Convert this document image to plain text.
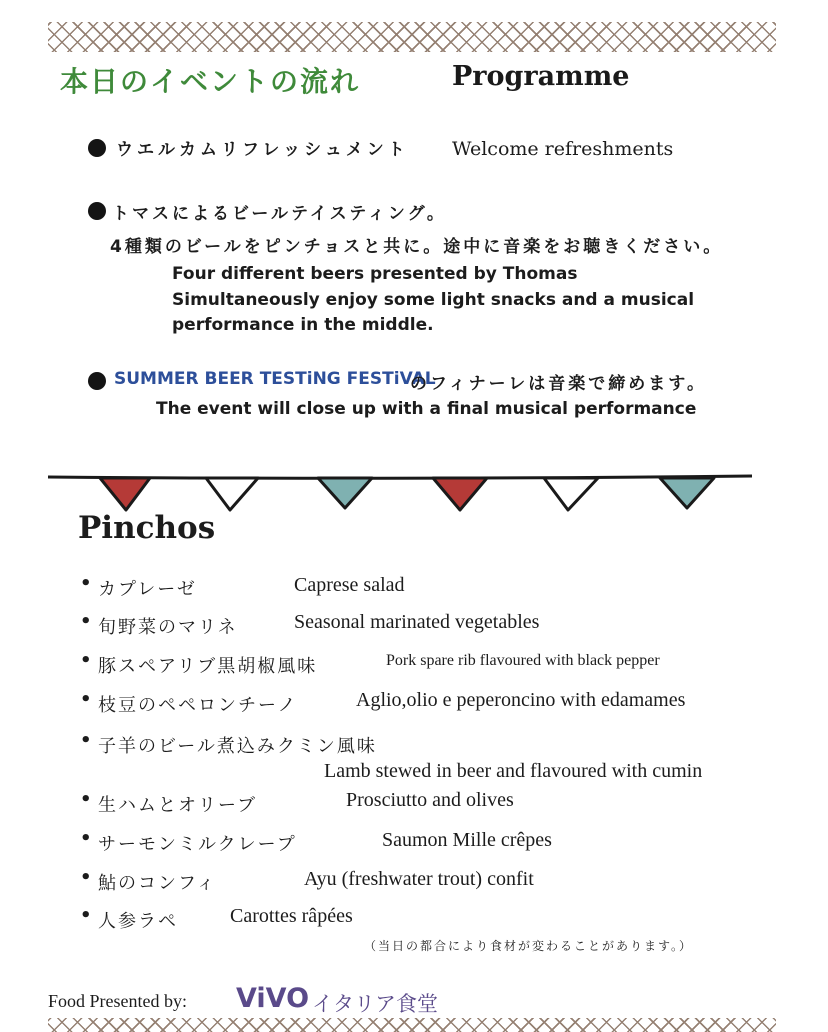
本日のイベントの流れ	Programme
ウエルカムリフレッシュメント Welcome refreshments
トマスによるビールテイスティング。
4種類のビールをピンチョスと共に。途中に音楽をお聴きください。
Four different beers presented by Thomas
Simultaneously enjoy some light snacks and a musical
performance in the middle.
SUMMER BEER TESTiNG FESTiVAL
のフィナーレは音楽で締めます。
The event will close up with a final musical performance
Pinchos
• カプレーゼ	Caprese salad
• 旬野菜のマリネ	Seasonal marinated vegetables
• 豚スペアリブ黒胡椒風味	Pork spare rib flavoured with black pepper
• 枝豆のペペロンチーノ	Aglio,olio e peperoncino with edamames
• 子羊のビール煮込みクミン風味
Lamb stewed in beer and flavoured with cumin
• 生ハムとオリーブ	Prosciutto and olives
• サーモンミルクレープ	Saumon Mille crêpes
• 鮎のコンフィ	Ayu (freshwater trout) confit
• 人参ラペ	Carottes râpées
（当日の都合により食材が変わることがあります。）
Food Presented by: ViVO イタリア食堂
